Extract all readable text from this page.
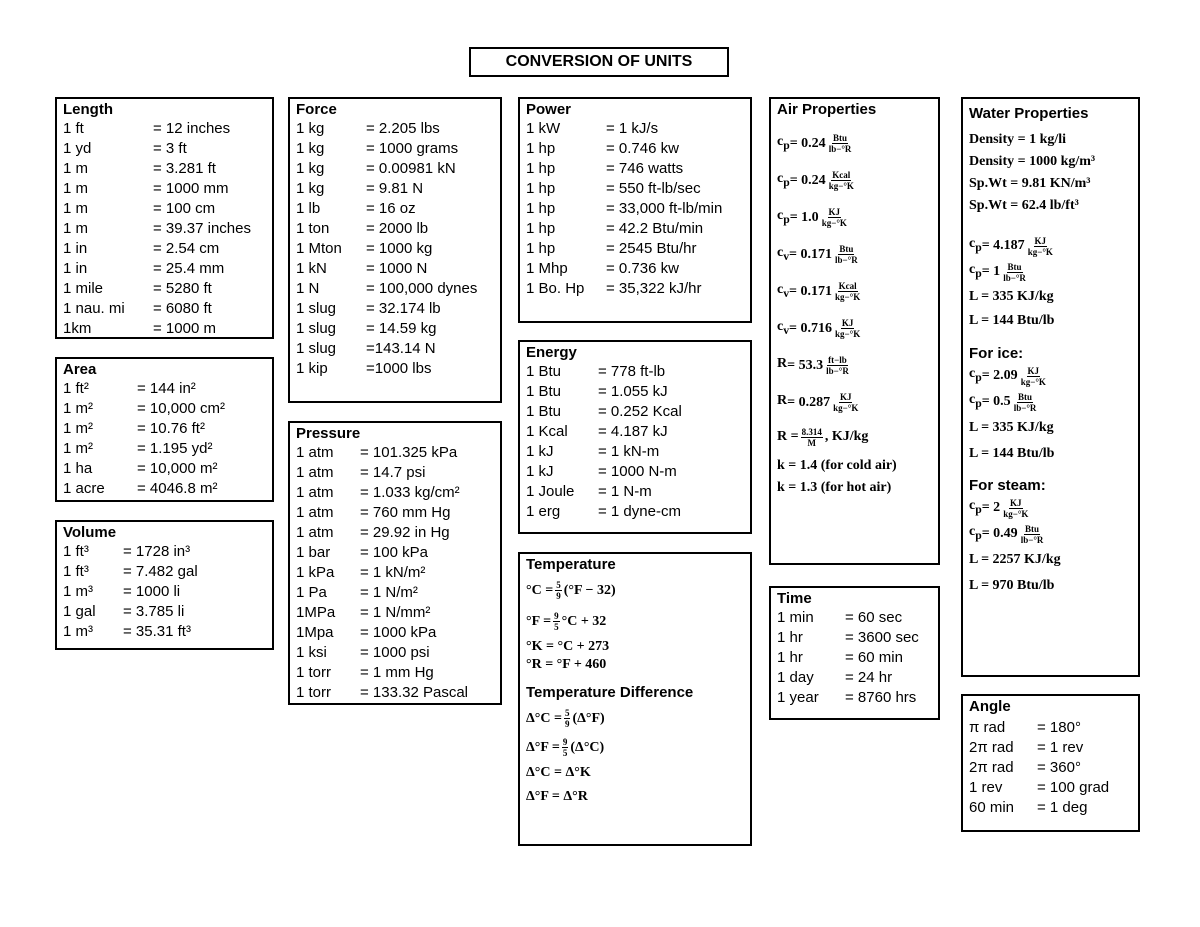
CONVERSION OF UNITS
Length
1 ft	= 12 inches
1 yd	= 3 ft
1 m	= 3.281 ft
1 m	= 1000 mm
1 m	= 100 cm
1 m	= 39.37 inches
1 in	= 2.54 cm
1 in	= 25.4 mm
1 mile	= 5280 ft
1 nau. mi	= 6080 ft
1km	= 1000 m
Area
1 ft²	= 144 in²
1 m²	= 10,000 cm²
1 m²	= 10.76 ft²
1 m²	= 1.195 yd²
1 ha	= 10,000 m²
1 acre	= 4046.8 m²
Volume
1 ft³	= 1728 in³
1 ft³	= 7.482 gal
1 m³	= 1000 li
1 gal	= 3.785 li
1 m³	= 35.31 ft³
Force
1 kg	= 2.205 lbs
1 kg	= 1000 grams
1 kg	= 0.00981 kN
1 kg	= 9.81 N
1 lb	= 16 oz
1 ton	= 2000 lb
1 Mton	= 1000 kg
1 kN	= 1000 N
1 N	= 100,000 dynes
1 slug	= 32.174 lb
1 slug	= 14.59 kg
1 slug	=143.14 N
1 kip	=1000 lbs
Pressure
1 atm	= 101.325 kPa
1 atm	= 14.7 psi
1 atm	= 1.033 kg/cm²
1 atm	= 760 mm Hg
1 atm	= 29.92 in Hg
1 bar	= 100 kPa
1 kPa	= 1 kN/m²
1 Pa	= 1 N/m²
1MPa	= 1 N/mm²
1Mpa	= 1000 kPa
1 ksi	= 1000 psi
1 torr	= 1 mm Hg
1 torr	= 133.32 Pascal
Power
1 kW	= 1 kJ/s
1 hp	= 0.746 kw
1 hp	= 746 watts
1 hp	= 550 ft-lb/sec
1 hp	= 33,000 ft-lb/min
1 hp	= 42.2 Btu/min
1 hp	= 2545 Btu/hr
1 Mhp	= 0.736 kw
1 Bo. Hp	= 35,322 kJ/hr
Energy
1 Btu	= 778 ft-lb
1 Btu	= 1.055 kJ
1 Btu	= 0.252 Kcal
1 Kcal	= 4.187 kJ
1 kJ	= 1 kN-m
1 kJ	= 1000 N-m
1 Joule	= 1 N-m
1 erg	= 1 dyne-cm
Temperature
$^\circ C = \frac{5}{9} (^\circ F - 32)$
$^\circ F = \frac{9}{5} ^\circ C + 32$
°K = °C + 273
°R = °F + 460
Temperature Difference
$\Delta^\circ C = \frac{5}{9} (\Delta^\circ F)$
$\Delta^\circ F = \frac{9}{5} (\Delta^\circ C)$
Δ°C = Δ°K
Δ°F = Δ°R
Air Properties
$c_p = 0.24 \frac{\text{Btu}}{lb-^\circ R}$
$c_p = 0.24 \frac{\text{Kcal}}{kg-^\circ K}$
$c_p = 1.0 \frac{KJ}{kg-^\circ K}$
$c_v = 0.171 \frac{\text{Btu}}{lb-^\circ R}$
$c_v = 0.171 \frac{\text{Kcal}}{kg-^\circ K}$
$c_v = 0.716 \frac{KJ}{kg-^\circ K}$
$R = 53.3 \frac{ft-lb}{lb-^\circ R}$
$R = 0.287 \frac{KJ}{kg-^\circ K}$
$R = \frac{8.314}{M}$ , KJ/kg
k = 1.4 (for cold air)
k = 1.3 (for hot air)
Time
1 min	= 60 sec
1 hr	= 3600 sec
1 hr	= 60 min
1 day	= 24 hr
1 year	= 8760 hrs
Water Properties
Density = 1 kg/li
Density = 1000 kg/m³
Sp.Wt = 9.81 KN/m³
Sp.Wt = 62.4 lb/ft³
$c_p = 4.187 \frac{KJ}{kg-^\circ K}$
$c_p = 1 \frac{\text{Btu}}{lb-^\circ R}$
L = 335 KJ/kg
L = 144 Btu/lb
For ice:
$c_p = 2.09 \frac{KJ}{kg-^\circ K}$
$c_p = 0.5 \frac{\text{Btu}}{lb-^\circ R}$
L = 335 KJ/kg
L = 144 Btu/lb
For steam:
$c_p = 2 \frac{KJ}{kg-^\circ K}$
$c_p = 0.49 \frac{\text{Btu}}{lb-^\circ R}$
L = 2257 KJ/kg
L = 970 Btu/lb
Angle
π rad	= 180°
2π rad	= 1 rev
2π rad	= 360°
1 rev	= 100 grad
60 min	= 1 deg
